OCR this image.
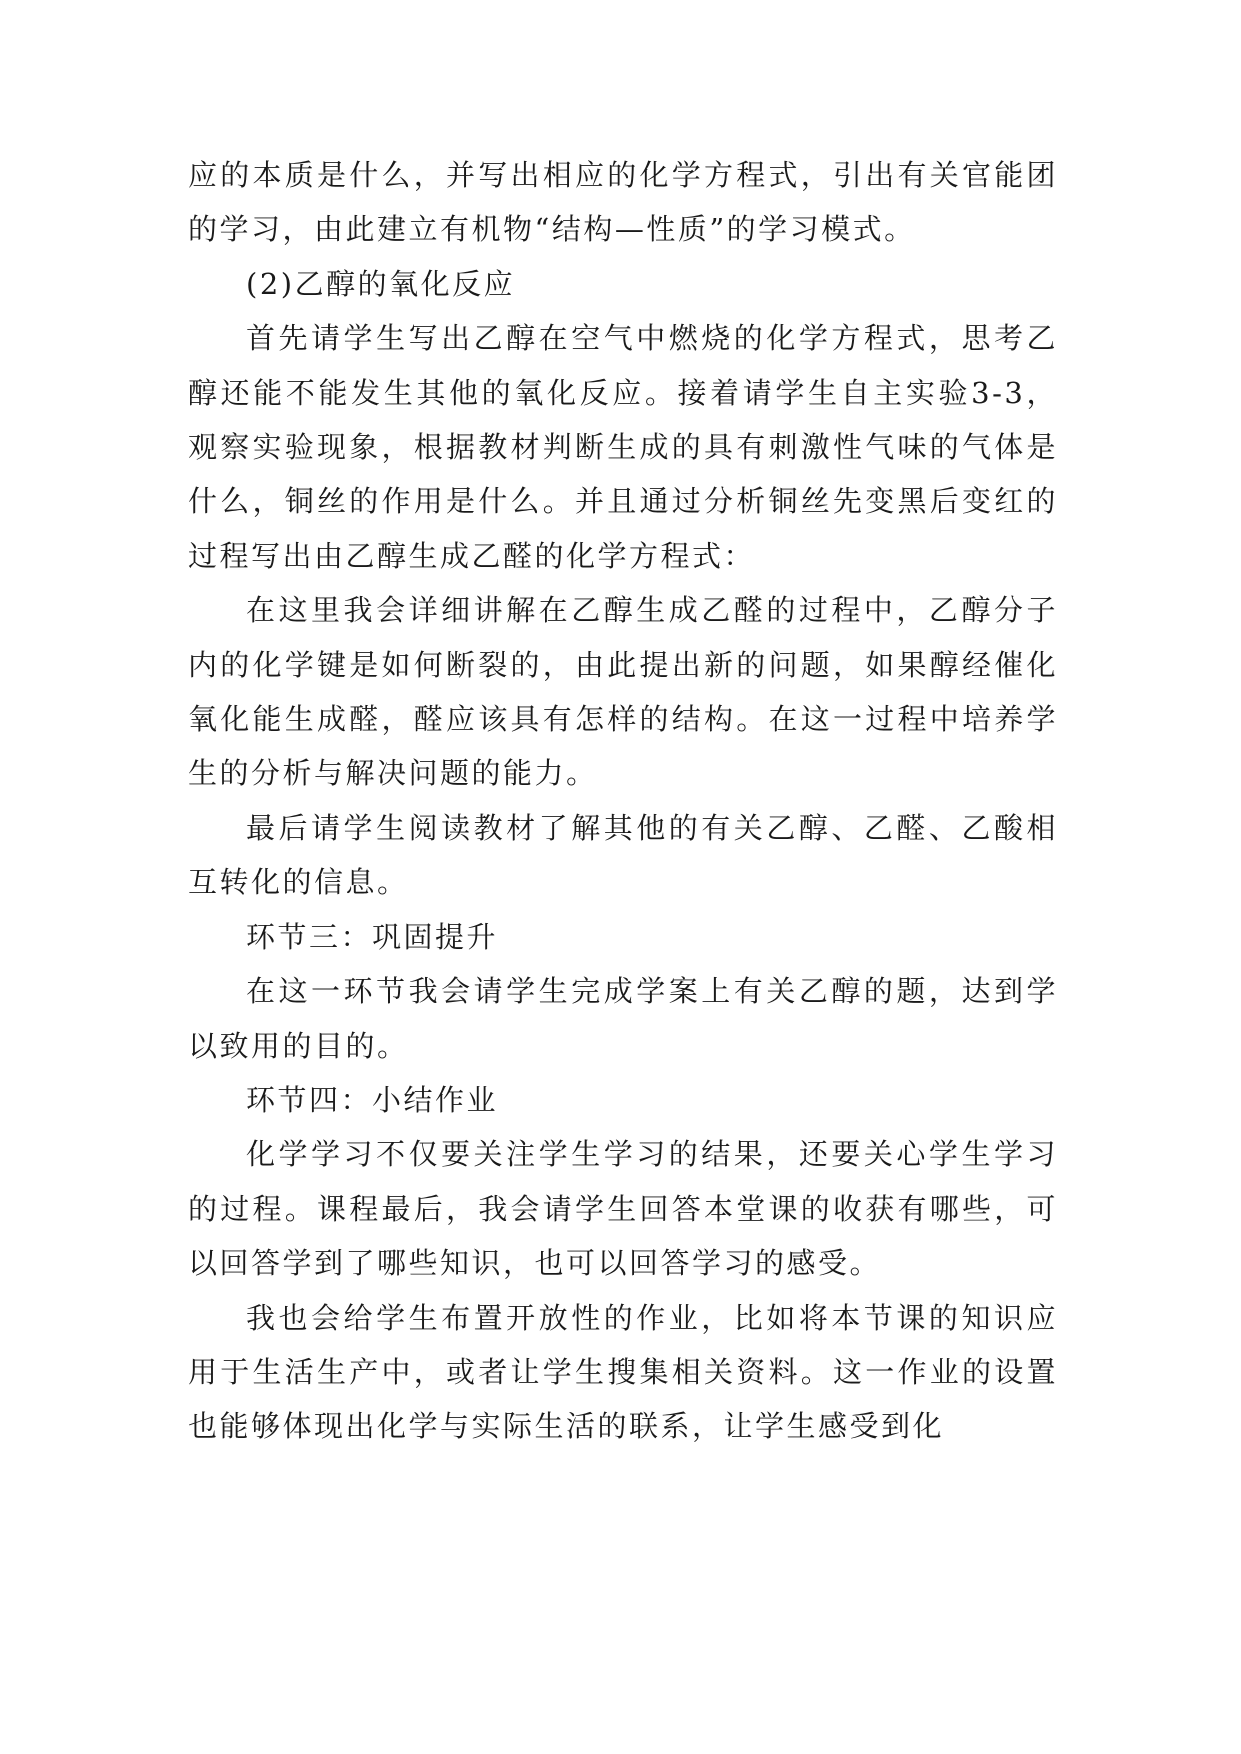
应的本质是什么，并写出相应的化学方程式，引出有关官能团的学习，由此建立有机物“结构—性质”的学习模式。

(2)乙醇的氧化反应

首先请学生写出乙醇在空气中燃烧的化学方程式，思考乙醇还能不能发生其他的氧化反应。接着请学生自主实验3-3，观察实验现象，根据教材判断生成的具有刺激性气味的气体是什么，铜丝的作用是什么。并且通过分析铜丝先变黑后变红的过程写出由乙醇生成乙醛的化学方程式：

在这里我会详细讲解在乙醇生成乙醛的过程中，乙醇分子内的化学键是如何断裂的，由此提出新的问题，如果醇经催化氧化能生成醛，醛应该具有怎样的结构。在这一过程中培养学生的分析与解决问题的能力。

最后请学生阅读教材了解其他的有关乙醇、乙醛、乙酸相互转化的信息。

环节三：巩固提升

在这一环节我会请学生完成学案上有关乙醇的题，达到学以致用的目的。

环节四：小结作业

化学学习不仅要关注学生学习的结果，还要关心学生学习的过程。课程最后，我会请学生回答本堂课的收获有哪些，可以回答学到了哪些知识，也可以回答学习的感受。

我也会给学生布置开放性的作业，比如将本节课的知识应用于生活生产中，或者让学生搜集相关资料。这一作业的设置也能够体现出化学与实际生活的联系，让学生感受到化
